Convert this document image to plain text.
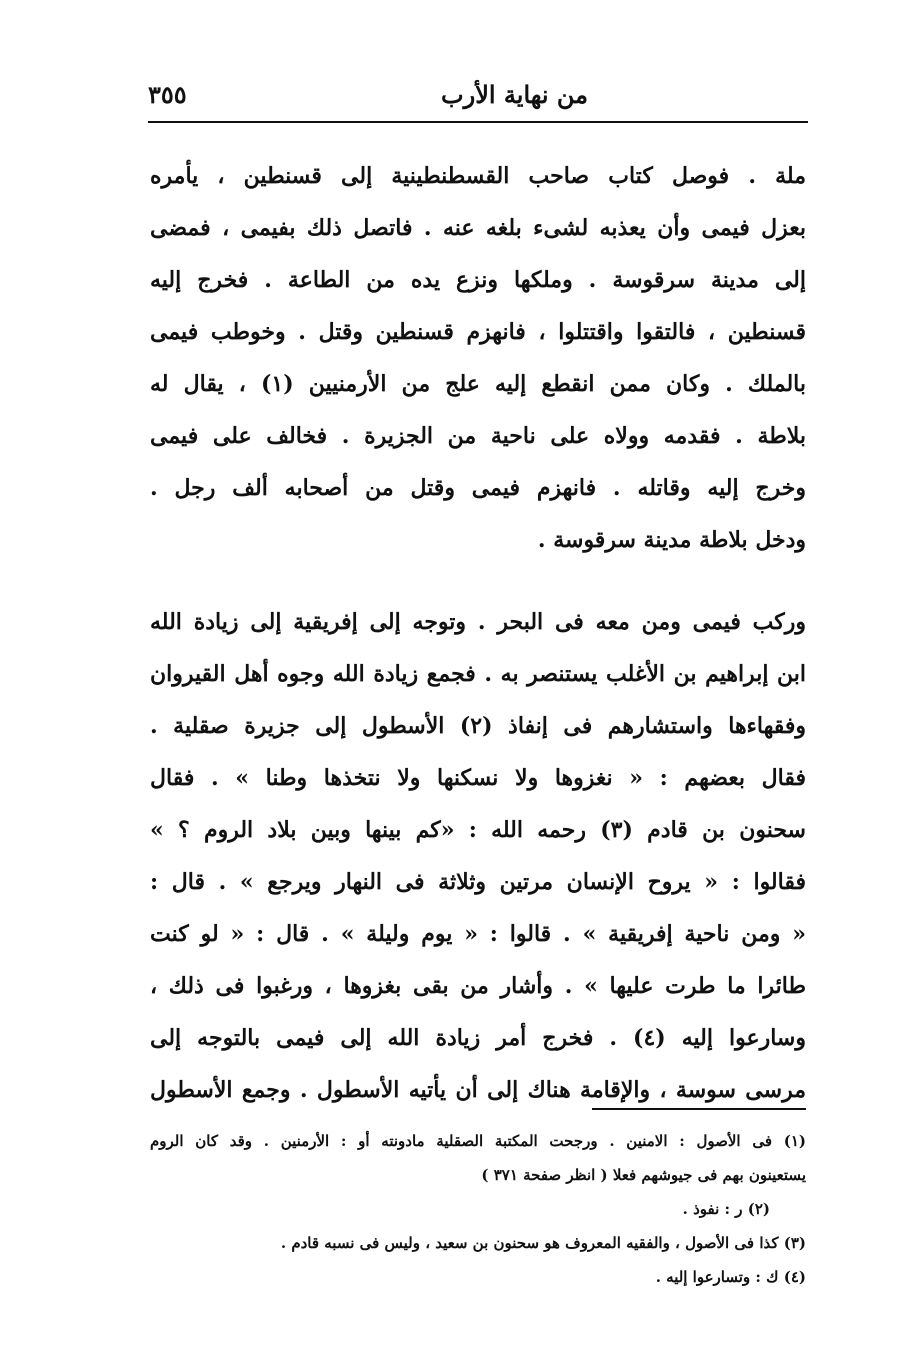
من نهاية الأرب
٣٥٥
ملة . فوصل كتاب صاحب القسطنطينية إلى قسنطين ، يأمره
بعزل فيمى وأن يعذبه لشىء بلغه عنه . فاتصل ذلك بفيمى ، فمضى
إلى مدينة سرقوسة . وملكها ونزع يده من الطاعة . فخرج إليه
قسنطين ، فالتقوا واقتتلوا ، فانهزم قسنطين وقتل . وخوطب فيمى
بالملك . وكان ممن انقطع إليه علج من الأرمنيين (١) ، يقال له
بلاطة . فقدمه وولاه على ناحية من الجزيرة . فخالف على فيمى
وخرج إليه وقاتله . فانهزم فيمى وقتل من أصحابه ألف رجل .
ودخل بلاطة مدينة سرقوسة .
وركب فيمى ومن معه فى البحر . وتوجه إلى إفريقية إلى زيادة الله
ابن إبراهيم بن الأغلب يستنصر به . فجمع زيادة الله وجوه أهل القيروان
وفقهاءها واستشارهم فى إنفاذ (٢) الأسطول إلى جزيرة صقلية .
فقال بعضهم : « نغزوها ولا نسكنها ولا نتخذها وطنا » . فقال
سحنون بن قادم (٣) رحمه الله : «كم بينها وبين بلاد الروم ؟ »
فقالوا : « يروح الإنسان مرتين وثلاثة فى النهار ويرجع » . قال :
« ومن ناحية إفريقية » . قالوا : « يوم وليلة » . قال : « لو كنت
طائرا ما طرت عليها » . وأشار من بقى بغزوها ، ورغبوا فى ذلك ،
وسارعوا إليه (٤) . فخرج أمر زيادة الله إلى فيمى بالتوجه إلى
مرسى سوسة ، والإقامة هناك إلى أن يأتيه الأسطول . وجمع الأسطول
(١) فى الأصول : الامنين . ورجحت المكتبة الصقلية مادونته أو : الأرمنين . وقد كان الروم
يستعينون بهم فى جيوشهم فعلا ( انظر صفحة ٣٧١ )
(٢) ر : نفوذ .
(٣) كذا فى الأصول ، والفقيه المعروف هو سحنون بن سعيد ، وليس فى نسبه قادم .
(٤) ك : وتسارعوا إليه .
